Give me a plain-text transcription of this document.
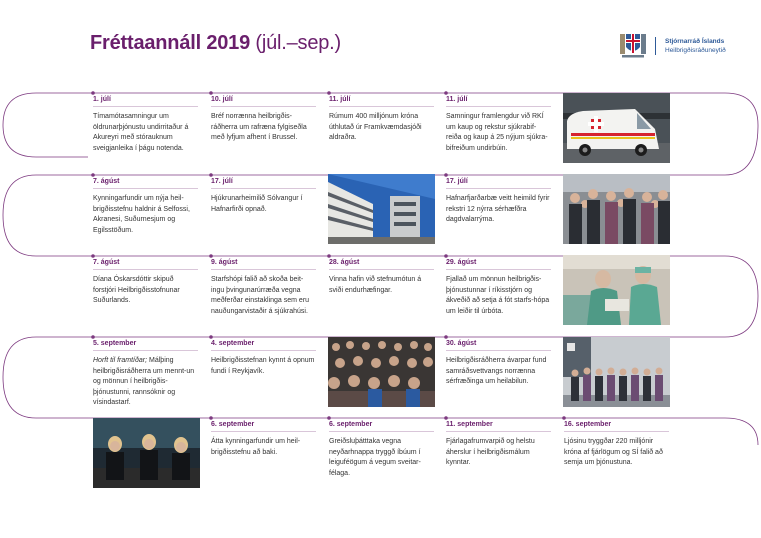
Fréttaannáll 2019 (júl.–sep.)	Stjórnarráð Íslands
Heilbrigðisráðuneytið
1. júlí
Tímamótasamningur um öldrunarþjónustu undirritaður á Akureyri með stórauknum sveigjanleika í þágu notenda.
10. júlí
Bréf norrænna heilbrigðis-ráðherra um rafræna fylgiseðla með lyfjum afhent í Brussel.
11. júlí
Rúmum 400 milljónum króna úthlutað úr Framkvæmdasjóði aldraðra.
11. júlí
Samningur framlengdur við RKÍ um kaup og rekstur sjúkrabif-reiða og kaup á 25 nýjum sjúkra-bifreiðum undirbúin.
7. ágúst
Kynningarfundir um nýja heil-brigðisstefnu haldnir á Selfossi, Akranesi, Suðurnesjum og Egilsstöðum.
17. júlí
Hjúkrunarheimilið Sólvangur í Hafnarfirði opnað.
17. júlí
Hafnarfjarðarbæ veitt heimild fyrir rekstri 12 nýrra sérhæfðra dagdvalarrýma.
7. ágúst
Díana Óskarsdóttir skipuð forstjóri Heilbrigðisstofnunar Suðurlands.
9. ágúst
Starfshópi falið að skoða beit-ingu þvingunarúrræða vegna meðferðar einstaklinga sem eru nauðungarvistaðir á sjúkrahúsi.
28. ágúst
Vinna hafin við stefnumótun á sviði endurhæfingar.
29. ágúst
Fjallað um mönnun heilbrigðis-þjónustunnar í ríkisstjórn og ákveðið að setja á fót starfs-hópa um leiðir til úrbóta.
5. september
Horft til framtíðar; Málþing heilbrigðisráðherra um mennt-un og mönnun í heilbrigðis-þjónustunni, rannsóknir og vísindastarf.
4. september
Heilbrigðisstefnan kynnt á opnum fundi í Reykjavík.
30. ágúst
Heilbrigðisráðherra ávarpar fund samráðsvettvangs norrænna sérfræðinga um heilabilun.
6. september
Átta kynningarfundir um heil-brigðisstefnu að baki.
6. september
Greiðsluþátttaka vegna neyðarhnappa tryggð íbúum í leiguféögum á vegum sveitar-félaga.
11. september
Fjárlagafrumvarpið og helstu áherslur í heilbrigðismálum kynntar.
16. september
Ljósinu tryggðar 220 milljónir króna af fjárlögum og SÍ falið að semja um þjónustuna.
